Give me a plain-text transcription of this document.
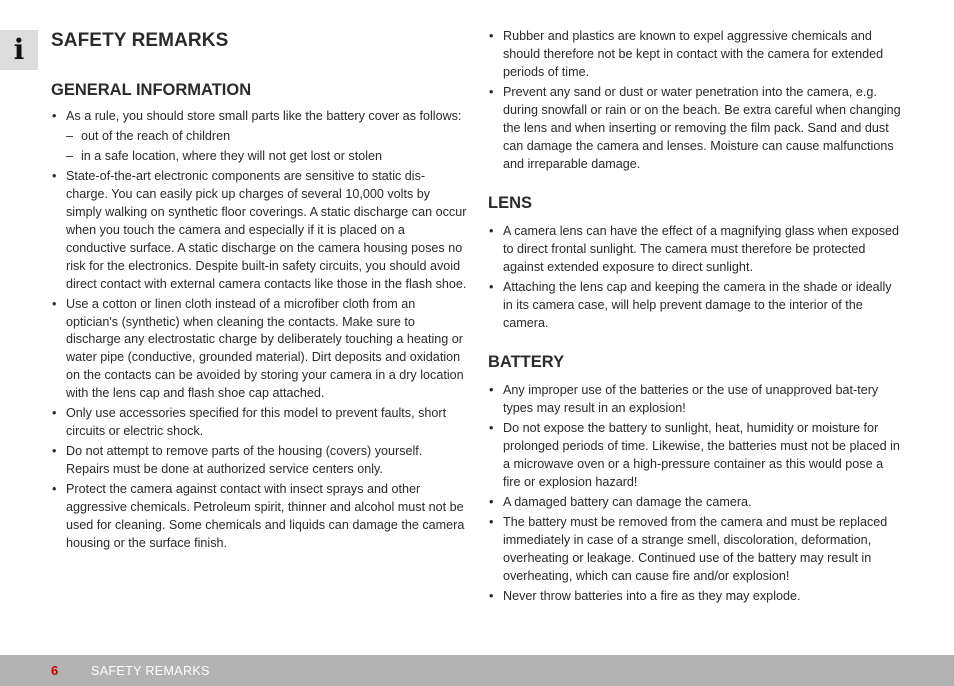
i SAFETY REMARKS
GENERAL INFORMATION
• As a rule, you should store small parts like the battery cover as follows:
– out of the reach of children
– in a safe location, where they will not get lost or stolen
• State-of-the-art electronic components are sensitive to static dis-charge. You can easily pick up charges of several 10,000 volts by simply walking on synthetic floor coverings. A static discharge can occur when you touch the camera and especially if it is placed on a conductive surface. A static discharge on the camera housing poses no risk for the electronics. Despite built-in safety circuits, you should avoid direct contact with external camera contacts like those in the flash shoe.
• Use a cotton or linen cloth instead of a microfiber cloth from an optician's (synthetic) when cleaning the contacts. Make sure to discharge any electrostatic charge by deliberately touching a heating or water pipe (conductive, grounded material). Dirt deposits and oxidation on the contacts can be avoided by storing your camera in a dry location with the lens cap and flash shoe cap attached.
• Only use accessories specified for this model to prevent faults, short circuits or electric shock.
• Do not attempt to remove parts of the housing (covers) yourself. Repairs must be done at authorized service centers only.
• Protect the camera against contact with insect sprays and other aggressive chemicals. Petroleum spirit, thinner and alcohol must not be used for cleaning. Some chemicals and liquids can damage the camera housing or the surface finish.
• Rubber and plastics are known to expel aggressive chemicals and should therefore not be kept in contact with the camera for extended periods of time.
• Prevent any sand or dust or water penetration into the camera, e.g. during snowfall or rain or on the beach. Be extra careful when changing the lens and when inserting or removing the film pack. Sand and dust can damage the camera and lenses. Moisture can cause malfunctions and irreparable damage.
LENS
• A camera lens can have the effect of a magnifying glass when exposed to direct frontal sunlight. The camera must therefore be protected against extended exposure to direct sunlight.
• Attaching the lens cap and keeping the camera in the shade or ideally in its camera case, will help prevent damage to the interior of the camera.
BATTERY
• Any improper use of the batteries or the use of unapproved bat-tery types may result in an explosion!
• Do not expose the battery to sunlight, heat, humidity or moisture for prolonged periods of time. Likewise, the batteries must not be placed in a microwave oven or a high-pressure container as this would pose a fire or explosion hazard!
• A damaged battery can damage the camera.
• The battery must be removed from the camera and must be replaced immediately in case of a strange smell, discoloration, deformation, overheating or leakage. Continued use of the battery may result in overheating, which can cause fire and/or explosion!
• Never throw batteries into a fire as they may explode.
6	SAFETY REMARKS
